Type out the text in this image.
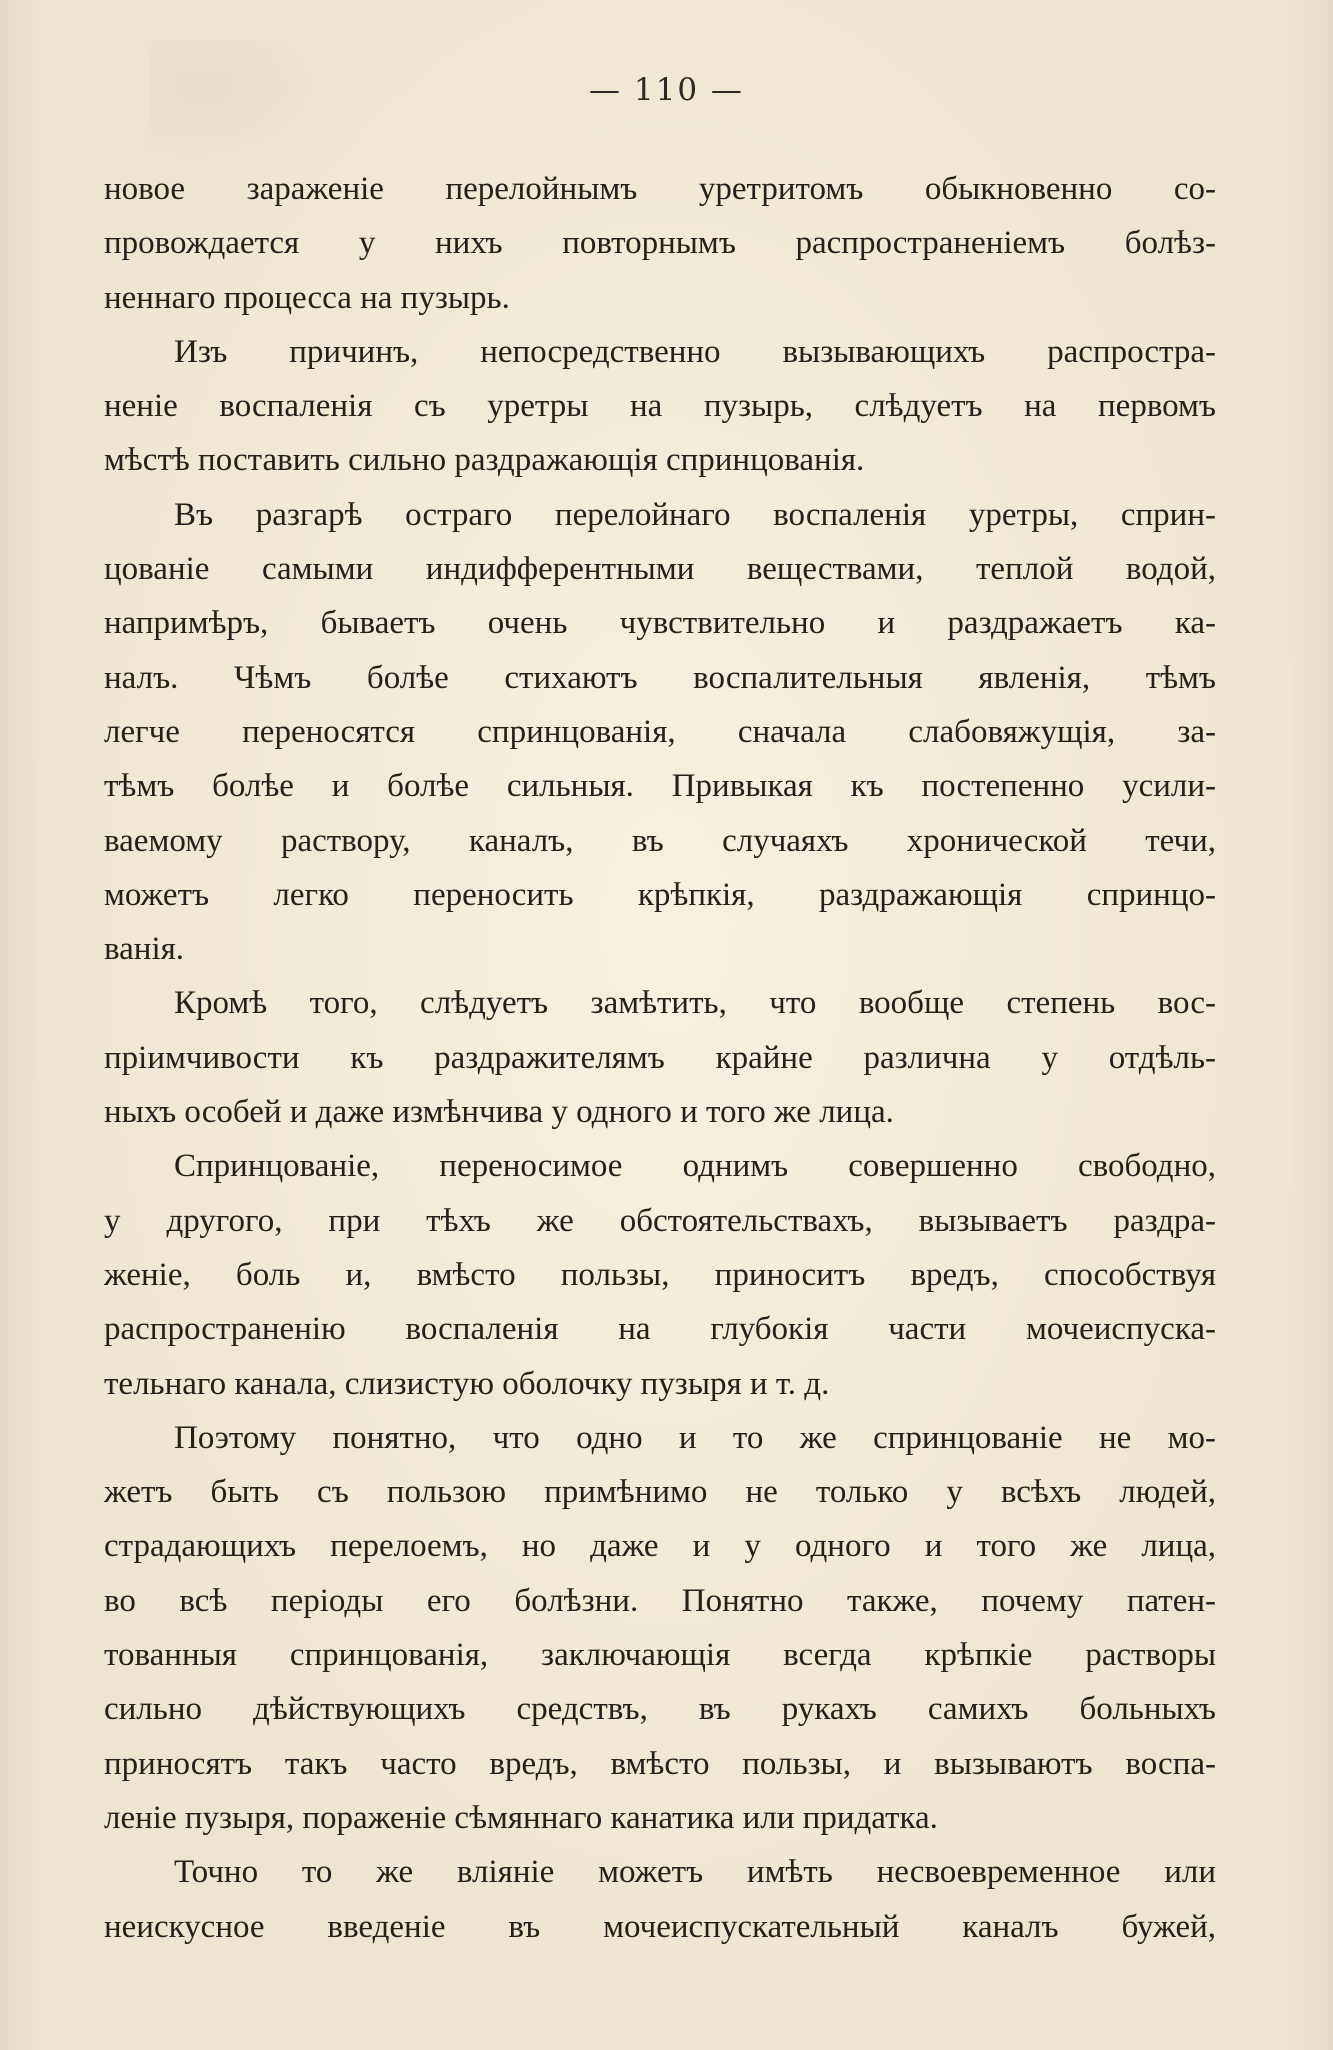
— 110 —
новое зараженіе перелойнымъ уретритомъ обыкновенно со-
провождается у нихъ повторнымъ распространеніемъ болѣз-
неннаго процесса на пузырь.
Изъ причинъ, непосредственно вызывающихъ распростра-
неніе воспаленія съ уретры на пузырь, слѣдуетъ на первомъ
мѣстѣ поставить сильно раздражающія спринцованія.
Въ разгарѣ остраго перелойнаго воспаленія уретры, сприн-
цованіе самыми индифферентными веществами, теплой водой,
напримѣръ, бываетъ очень чувствительно и раздражаетъ ка-
налъ. Чѣмъ болѣе стихаютъ воспалительныя явленія, тѣмъ
легче переносятся спринцованія, сначала слабовяжущія, за-
тѣмъ болѣе и болѣе сильныя. Привыкая къ постепенно усили-
ваемому раствору, каналъ, въ случаяхъ хронической течи,
можетъ легко переносить крѣпкія, раздражающія спринцо-
ванія.
Кромѣ того, слѣдуетъ замѣтить, что вообще степень вос-
пріимчивости къ раздражителямъ крайне различна у отдѣль-
ныхъ особей и даже измѣнчива у одного и того же лица.
Спринцованіе, переносимое однимъ совершенно свободно,
у другого, при тѣхъ же обстоятельствахъ, вызываетъ раздра-
женіе, боль и, вмѣсто пользы, приноситъ вредъ, способствуя
распространенію воспаленія на глубокія части мочеиспуска-
тельнаго канала, слизистую оболочку пузыря и т. д.
Поэтому понятно, что одно и то же спринцованіе не мо-
жетъ быть съ пользою примѣнимо не только у всѣхъ людей,
страдающихъ перелоемъ, но даже и у одного и того же лица,
во всѣ періоды его болѣзни. Понятно также, почему патен-
тованныя спринцованія, заключающія всегда крѣпкіе растворы
сильно дѣйствующихъ средствъ, въ рукахъ самихъ больныхъ
приносятъ такъ часто вредъ, вмѣсто пользы, и вызываютъ воспа-
леніе пузыря, пораженіе сѣмяннаго канатика или придатка.
Точно то же вліяніе можетъ имѣть несвоевременное или
неискусное введеніе въ мочеиспускательный каналъ бужей,
